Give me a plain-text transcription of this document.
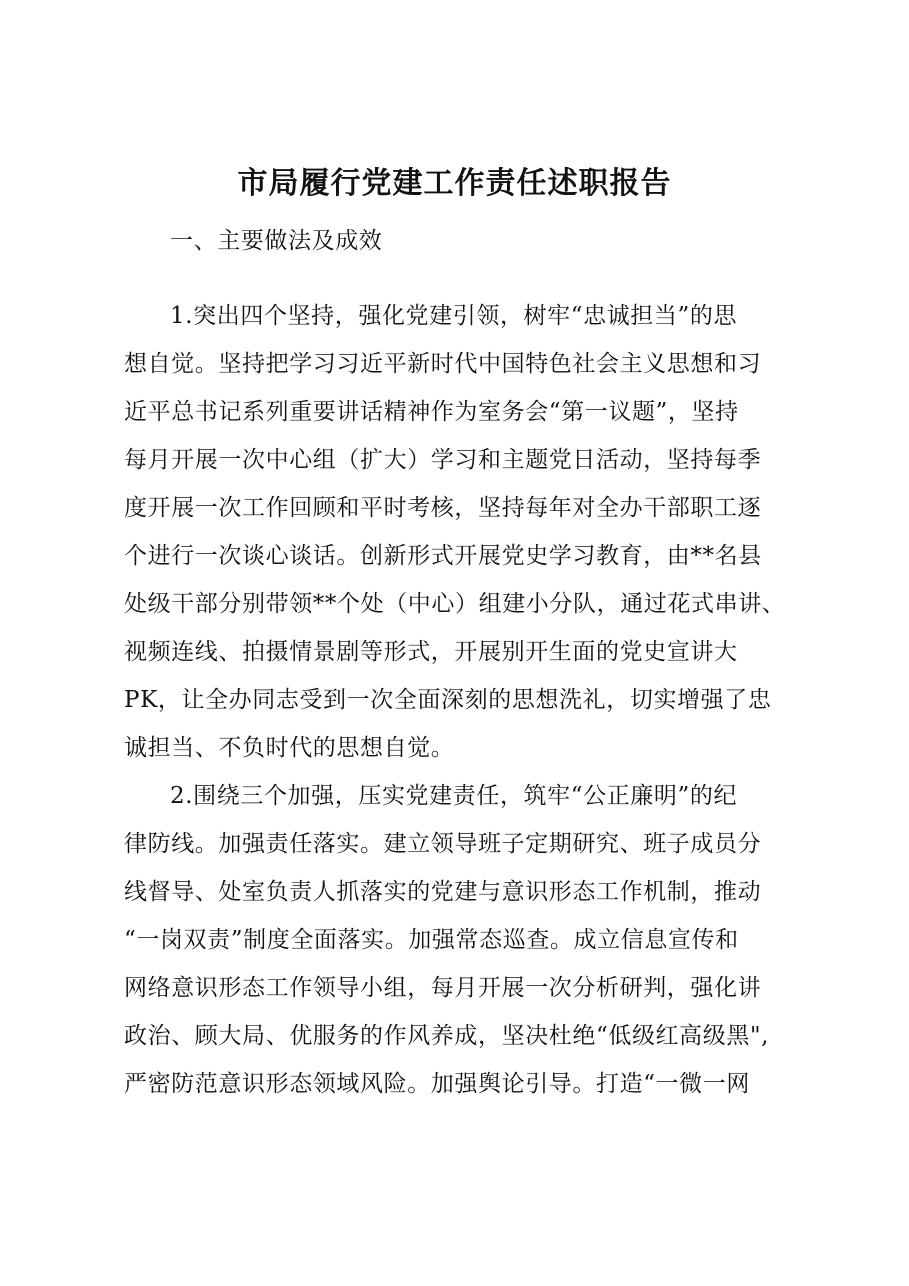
市局履行党建工作责任述职报告
一、主要做法及成效
1.突出四个坚持，强化党建引领，树牢“忠诚担当”的思
想自觉。坚持把学习习近平新时代中国特色社会主义思想和习
近平总书记系列重要讲话精神作为室务会“第一议题”，坚持
每月开展一次中心组（扩大）学习和主题党日活动，坚持每季
度开展一次工作回顾和平时考核，坚持每年对全办干部职工逐
个进行一次谈心谈话。创新形式开展党史学习教育，由**名县
处级干部分别带领**个处（中心）组建小分队，通过花式串讲、
视频连线、拍摄情景剧等形式，开展别开生面的党史宣讲大
PK，让全办同志受到一次全面深刻的思想洗礼，切实增强了忠
诚担当、不负时代的思想自觉。
2.围绕三个加强，压实党建责任，筑牢“公正廉明”的纪
律防线。加强责任落实。建立领导班子定期研究、班子成员分
线督导、处室负责人抓落实的党建与意识形态工作机制，推动
“一岗双责”制度全面落实。加强常态巡查。成立信息宣传和
网络意识形态工作领导小组，每月开展一次分析研判，强化讲
政治、顾大局、优服务的作风养成，坚决杜绝“低级红高级黑",
严密防范意识形态领域风险。加强舆论引导。打造“一微一网
